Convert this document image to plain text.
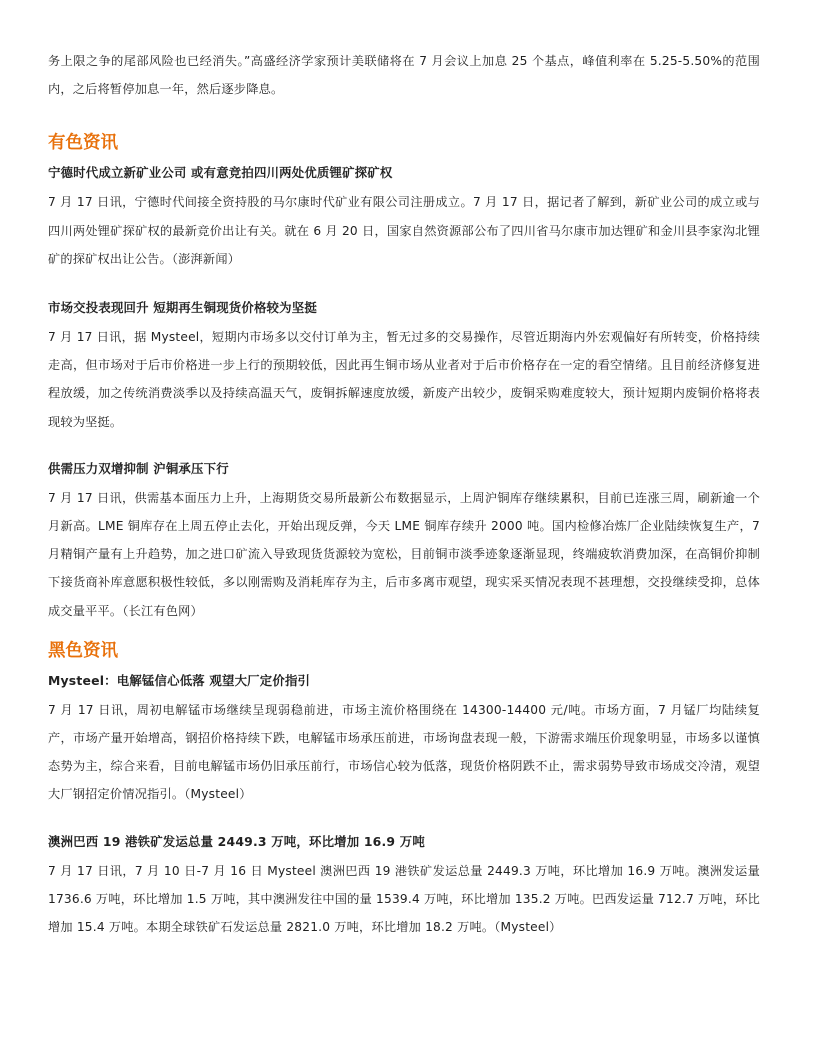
务上限之争的尾部风险也已经消失。”高盛经济学家预计美联储将在 7 月会议上加息 25 个基点，峰值利率在 5.25-5.50%的范围内，之后将暂停加息一年，然后逐步降息。

有色资讯
宁德时代成立新矿业公司 或有意竞拍四川两处优质锂矿探矿权

7 月 17 日讯，宁德时代间接全资持股的马尔康时代矿业有限公司注册成立。7 月 17 日，据记者了解到，新矿业公司的成立或与四川两处锂矿探矿权的最新竞价出让有关。就在 6 月 20 日，国家自然资源部公布了四川省马尔康市加达锂矿和金川县李家沟北锂矿的探矿权出让公告。（澎湃新闻）

市场交投表现回升 短期再生铜现货价格较为坚挺

7 月 17 日讯，据 Mysteel，短期内市场多以交付订单为主，暂无过多的交易操作，尽管近期海内外宏观偏好有所转变，价格持续走高，但市场对于后市价格进一步上行的预期较低，因此再生铜市场从业者对于后市价格存在一定的看空情绪。且目前经济修复进程放缓，加之传统消费淡季以及持续高温天气，废铜拆解速度放缓，新废产出较少，废铜采购难度较大，预计短期内废铜价格将表现较为坚挺。

供需压力双增抑制 沪铜承压下行

7 月 17 日讯，供需基本面压力上升，上海期货交易所最新公布数据显示，上周沪铜库存继续累积，目前已连涨三周，刷新逾一个月新高。LME 铜库存在上周五停止去化，开始出现反弹，今天 LME 铜库存续升 2000 吨。国内检修冶炼厂企业陆续恢复生产，7 月精铜产量有上升趋势，加之进口矿流入导致现货货源较为宽松，目前铜市淡季迹象逐渐显现，终端疲软消费加深，在高铜价抑制下接货商补库意愿积极性较低，多以刚需购及消耗库存为主，后市多离市观望，现实采买情况表现不甚理想，交投继续受抑，总体成交量平平。（长江有色网）

黑色资讯
Mysteel：电解锰信心低落 观望大厂定价指引

7 月 17 日讯，周初电解锰市场继续呈现弱稳前进，市场主流价格围绕在 14300-14400 元/吨。市场方面，7 月锰厂均陆续复产，市场产量开始增高，钢招价格持续下跌，电解锰市场承压前进，市场询盘表现一般，下游需求端压价现象明显，市场多以谨慎态势为主，综合来看，目前电解锰市场仍旧承压前行，市场信心较为低落，现货价格阴跌不止，需求弱势导致市场成交冷清，观望大厂钢招定价情况指引。（Mysteel）

澳洲巴西 19 港铁矿发运总量 2449.3 万吨，环比增加 16.9 万吨

7 月 17 日讯，7 月 10 日-7 月 16 日 Mysteel 澳洲巴西 19 港铁矿发运总量 2449.3 万吨，环比增加 16.9 万吨。澳洲发运量 1736.6 万吨，环比增加 1.5 万吨，其中澳洲发往中国的量 1539.4 万吨，环比增加 135.2 万吨。巴西发运量 712.7 万吨，环比增加 15.4 万吨。本期全球铁矿石发运总量 2821.0 万吨，环比增加 18.2 万吨。（Mysteel）
